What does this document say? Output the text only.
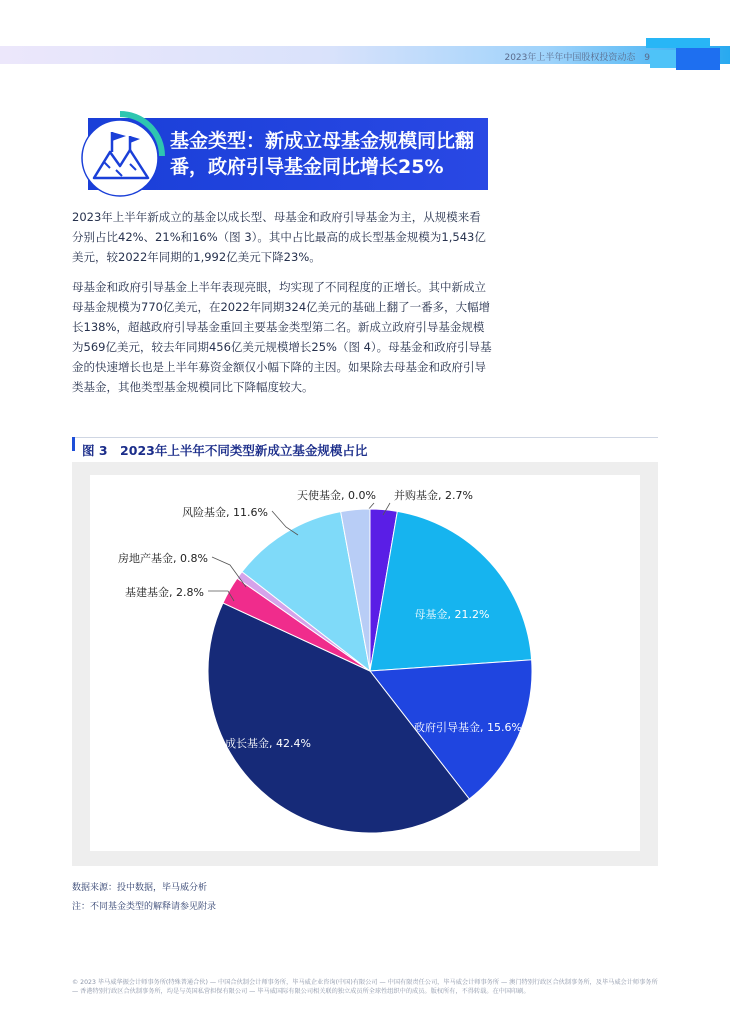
2023年上半年中国股权投资动态 9
基金类型：新成立母基金规模同比翻番，政府引导基金同比增长25%

2023年上半年新成立的基金以成长型、母基金和政府引导基金为主，从规模来看分别占比42%、21%和16%（图 3）。其中占比最高的成长型基金规模为1,543亿美元，较2022年同期的1,992亿美元下降23%。

母基金和政府引导基金上半年表现亮眼，均实现了不同程度的正增长。其中新成立母基金规模为770亿美元，在2022年同期324亿美元的基础上翻了一番多，大幅增长138%，超越政府引导基金重回主要基金类型第二名。新成立政府引导基金规模为569亿美元，较去年同期456亿美元规模增长25%（图 4）。母基金和政府引导基金的快速增长也是上半年募资金额仅小幅下降的主因。如果除去母基金和政府引导类基金，其他类型基金规模同比下降幅度较大。

图 3　2023年上半年不同类型新成立基金规模占比
并购基金, 2.7%
母基金, 21.2%
政府引导基金, 15.6%
成长基金, 42.4%
基建基金, 2.8%
房地产基金, 0.8%
风险基金, 11.6%
天使基金, 0.0%
数据来源：投中数据，毕马威分析
注：不同基金类型的解释请参见附录
© 2023 毕马威华振会计师事务所(特殊普通合伙) — 中国合伙制会计师事务所，毕马威企业咨询(中国)有限公司 — 中国有限责任公司，毕马威会计师事务所 — 澳门特别行政区合伙制事务所，及毕马威会计师事务所 — 香港特别行政区合伙制事务所，均是与英国私营担保有限公司 — 毕马威国际有限公司相关联的独立成员所全球性组织中的成员。版权所有，不得转载。在中国印刷。
